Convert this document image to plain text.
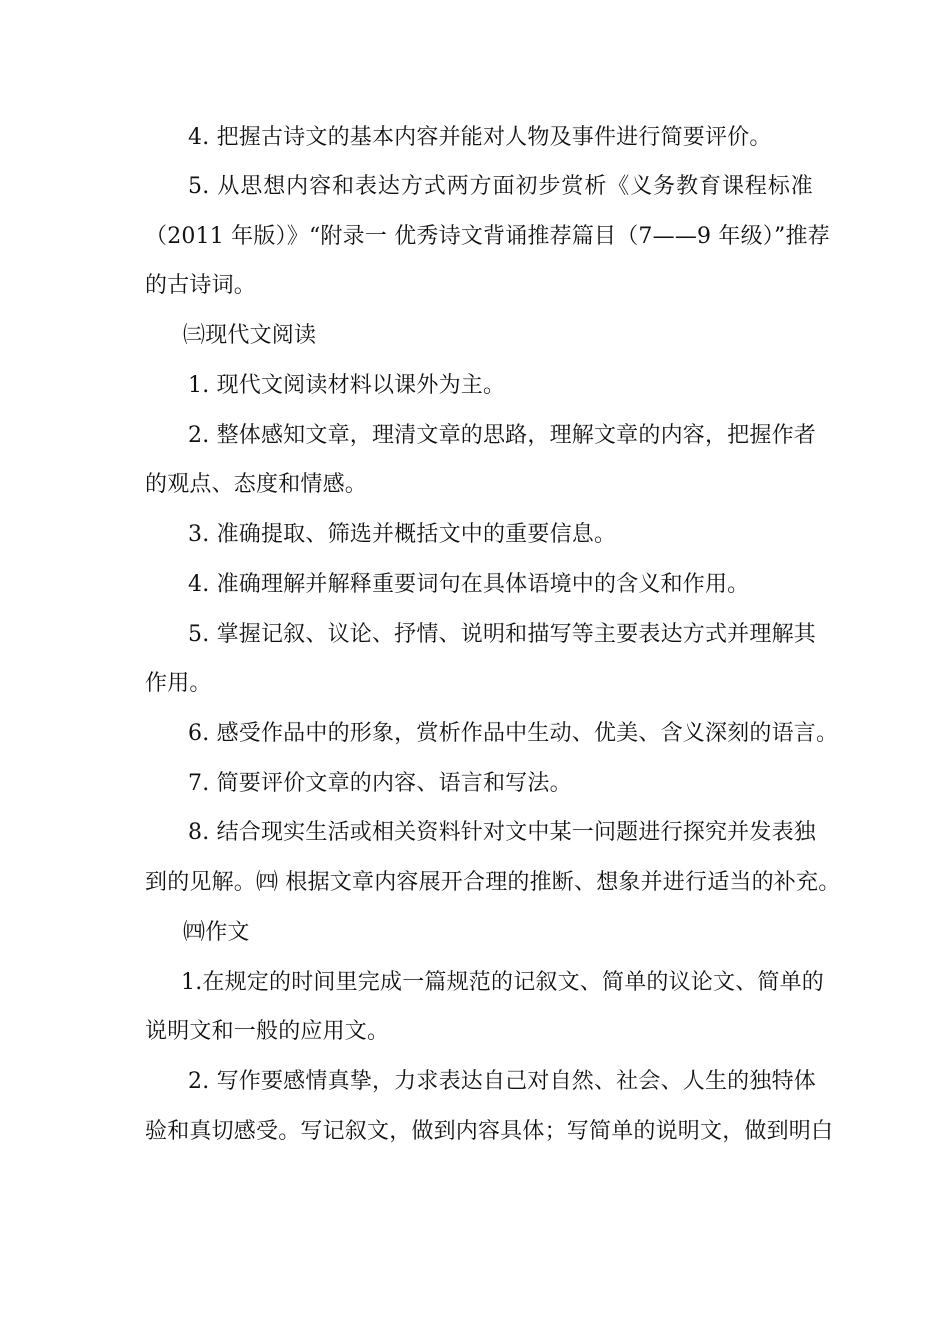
4. 把握古诗文的基本内容并能对人物及事件进行简要评价。
5. 从思想内容和表达方式两方面初步赏析《义务教育课程标准
（2011 年版）》“附录一 优秀诗文背诵推荐篇目（7——9 年级）”推荐
的古诗词。
㈢现代文阅读
1. 现代文阅读材料以课外为主。
2. 整体感知文章，理清文章的思路，理解文章的内容，把握作者
的观点、态度和情感。
3. 准确提取、筛选并概括文中的重要信息。
4. 准确理解并解释重要词句在具体语境中的含义和作用。
5. 掌握记叙、议论、抒情、说明和描写等主要表达方式并理解其
作用。
6. 感受作品中的形象，赏析作品中生动、优美、含义深刻的语言。
7. 简要评价文章的内容、语言和写法。
8. 结合现实生活或相关资料针对文中某一问题进行探究并发表独
到的见解。㈣ 根据文章内容展开合理的推断、想象并进行适当的补充。
㈣作文
1.在规定的时间里完成一篇规范的记叙文、简单的议论文、简单的
说明文和一般的应用文。
2. 写作要感情真挚，力求表达自己对自然、社会、人生的独特体
验和真切感受。写记叙文，做到内容具体；写简单的说明文，做到明白
